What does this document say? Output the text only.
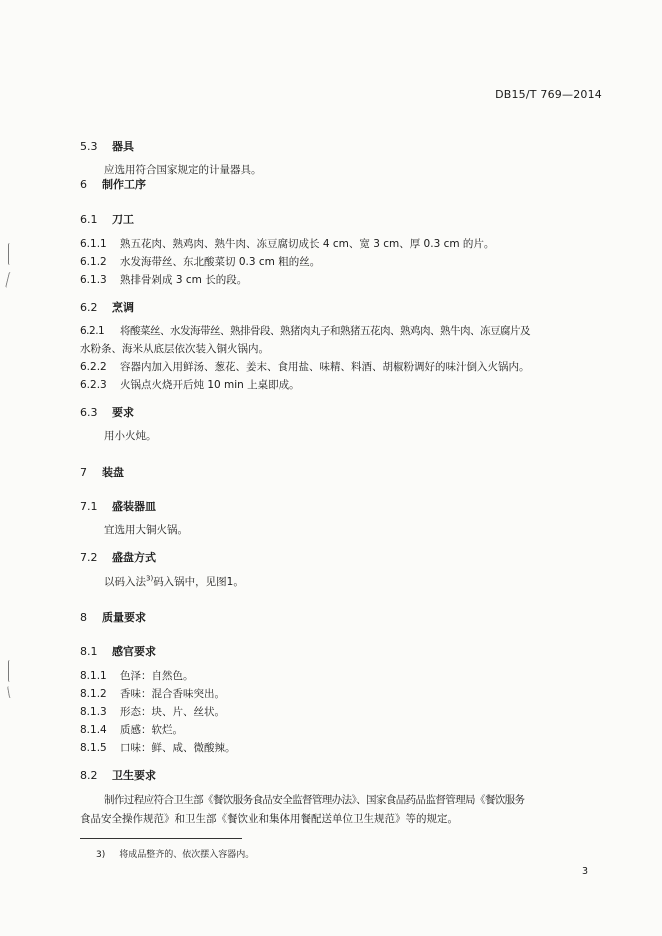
DB15/T 769—2014
5.3 器具
应选用符合国家规定的计量器具。
6 制作工序
6.1 刀工
6.1.1 熟五花肉、熟鸡肉、熟牛肉、冻豆腐切成长 4 cm、宽 3 cm、厚 0.3 cm 的片。
6.1.2 水发海带丝、东北酸菜切 0.3 cm 粗的丝。
6.1.3 熟排骨剁成 3 cm 长的段。
6.2 烹调
6.2.1 将酸菜丝、水发海带丝、熟排骨段、熟猪肉丸子和熟猪五花肉、熟鸡肉、熟牛肉、冻豆腐片及
水粉条、海米从底层依次装入铜火锅内。
6.2.2 容器内加入用鲜汤、葱花、姜末、食用盐、味精、料酒、胡椒粉调好的味汁倒入火锅内。
6.2.3 火锅点火烧开后炖 10 min 上桌即成。
6.3 要求
用小火炖。
7 装盘
7.1 盛装器皿
宜选用大铜火锅。
7.2 盛盘方式
以码入法$^{3)}$码入锅中，见图1。
8 质量要求
8.1 感官要求
8.1.1 色泽：自然色。
8.1.2 香味：混合香味突出。
8.1.3 形态：块、片、丝状。
8.1.4 质感：软烂。
8.1.5 口味：鲜、咸、微酸辣。
8.2 卫生要求
制作过程应符合卫生部《餐饮服务食品安全监督管理办法》、国家食品药品监督管理局《餐饮服务
食品安全操作规范》和卫生部《餐饮业和集体用餐配送单位卫生规范》等的规定。
3) 将成品整齐的、依次摆入容器内。
3
